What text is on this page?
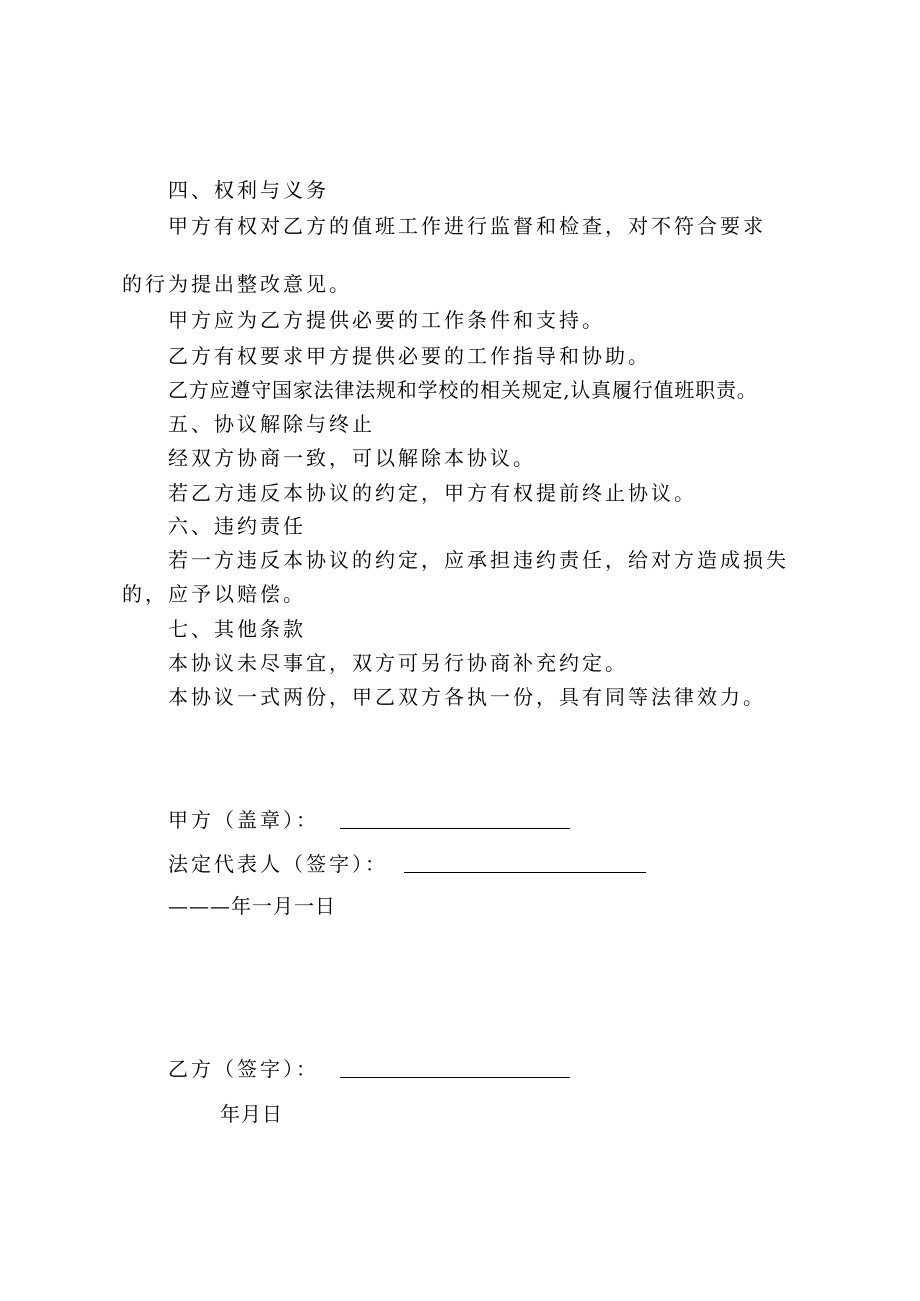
四、权利与义务
甲方有权对乙方的值班工作进行监督和检查，对不符合要求
的行为提出整改意见。
甲方应为乙方提供必要的工作条件和支持。
乙方有权要求甲方提供必要的工作指导和协助。
乙方应遵守国家法律法规和学校的相关规定,认真履行值班职责。
五、协议解除与终止
经双方协商一致，可以解除本协议。
若乙方违反本协议的约定，甲方有权提前终止协议。
六、违约责任
若一方违反本协议的约定，应承担违约责任，给对方造成损失
的，应予以赔偿。
七、其他条款
本协议未尽事宜，双方可另行协商补充约定。
本协议一式两份，甲乙双方各执一份，具有同等法律效力。
甲方（盖章）：
法定代表人（签字）：
———年一月一日
乙方（签字）：
年月日
